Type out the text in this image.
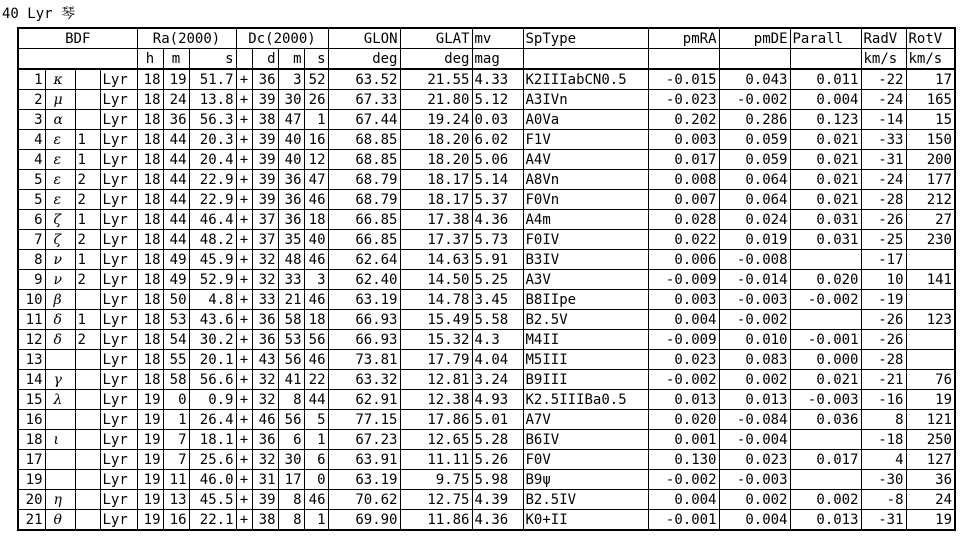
40 Lyr 琴
BDF				Ra(2000)			Dc(2000)				GLON	GLAT	mv	SpType	pmRA	pmDE	Parall	RadV	RotV
				h	m	s		d	m	s	deg	deg	mag					km/s	km/s
1	κ		Lyr	18	19	51.7	+	36	3	52	63.52	21.55	4.33	K2IIIabCN0.5	-0.015	0.043	0.011	-22	17
2	μ		Lyr	18	24	13.8	+	39	30	26	67.33	21.80	5.12	A3IVn	-0.023	-0.002	0.004	-24	165
3	α		Lyr	18	36	56.3	+	38	47	1	67.44	19.24	0.03	A0Va	0.202	0.286	0.123	-14	15
4	ε	1	Lyr	18	44	20.3	+	39	40	16	68.85	18.20	6.02	F1V	0.003	0.059	0.021	-33	150
4	ε	1	Lyr	18	44	20.4	+	39	40	12	68.85	18.20	5.06	A4V	0.017	0.059	0.021	-31	200
5	ε	2	Lyr	18	44	22.9	+	39	36	47	68.79	18.17	5.14	A8Vn	0.008	0.064	0.021	-24	177
5	ε	2	Lyr	18	44	22.9	+	39	36	46	68.79	18.17	5.37	F0Vn	0.007	0.064	0.021	-28	212
6	ζ	1	Lyr	18	44	46.4	+	37	36	18	66.85	17.38	4.36	A4m	0.028	0.024	0.031	-26	27
7	ζ	2	Lyr	18	44	48.2	+	37	35	40	66.85	17.37	5.73	F0IV	0.022	0.019	0.031	-25	230
8	ν	1	Lyr	18	49	45.9	+	32	48	46	62.64	14.63	5.91	B3IV	0.006	-0.008		-17	
9	ν	2	Lyr	18	49	52.9	+	32	33	3	62.40	14.50	5.25	A3V	-0.009	-0.014	0.020	10	141
10	β		Lyr	18	50	4.8	+	33	21	46	63.19	14.78	3.45	B8IIpe	0.003	-0.003	-0.002	-19	
11	δ	1	Lyr	18	53	43.6	+	36	58	18	66.93	15.49	5.58	B2.5V	0.004	-0.002		-26	123
12	δ	2	Lyr	18	54	30.2	+	36	53	56	66.93	15.32	4.3	M4II	-0.009	0.010	-0.001	-26	
13			Lyr	18	55	20.1	+	43	56	46	73.81	17.79	4.04	M5III	0.023	0.083	0.000	-28	
14	γ		Lyr	18	58	56.6	+	32	41	22	63.32	12.81	3.24	B9III	-0.002	0.002	0.021	-21	76
15	λ		Lyr	19	0	0.9	+	32	8	44	62.91	12.38	4.93	K2.5IIIBa0.5	0.013	0.013	-0.003	-16	19
16			Lyr	19	1	26.4	+	46	56	5	77.15	17.86	5.01	A7V	0.020	-0.084	0.036	8	121
18	ι		Lyr	19	7	18.1	+	36	6	1	67.23	12.65	5.28	B6IV	0.001	-0.004		-18	250
17			Lyr	19	7	25.6	+	32	30	6	63.91	11.11	5.26	F0V	0.130	0.023	0.017	4	127
19			Lyr	19	11	46.0	+	31	17	0	63.19	9.75	5.98	B9ψ	-0.002	-0.003		-30	36
20	η		Lyr	19	13	45.5	+	39	8	46	70.62	12.75	4.39	B2.5IV	0.004	0.002	0.002	-8	24
21	θ		Lyr	19	16	22.1	+	38	8	1	69.90	11.86	4.36	K0+II	-0.001	0.004	0.013	-31	19
